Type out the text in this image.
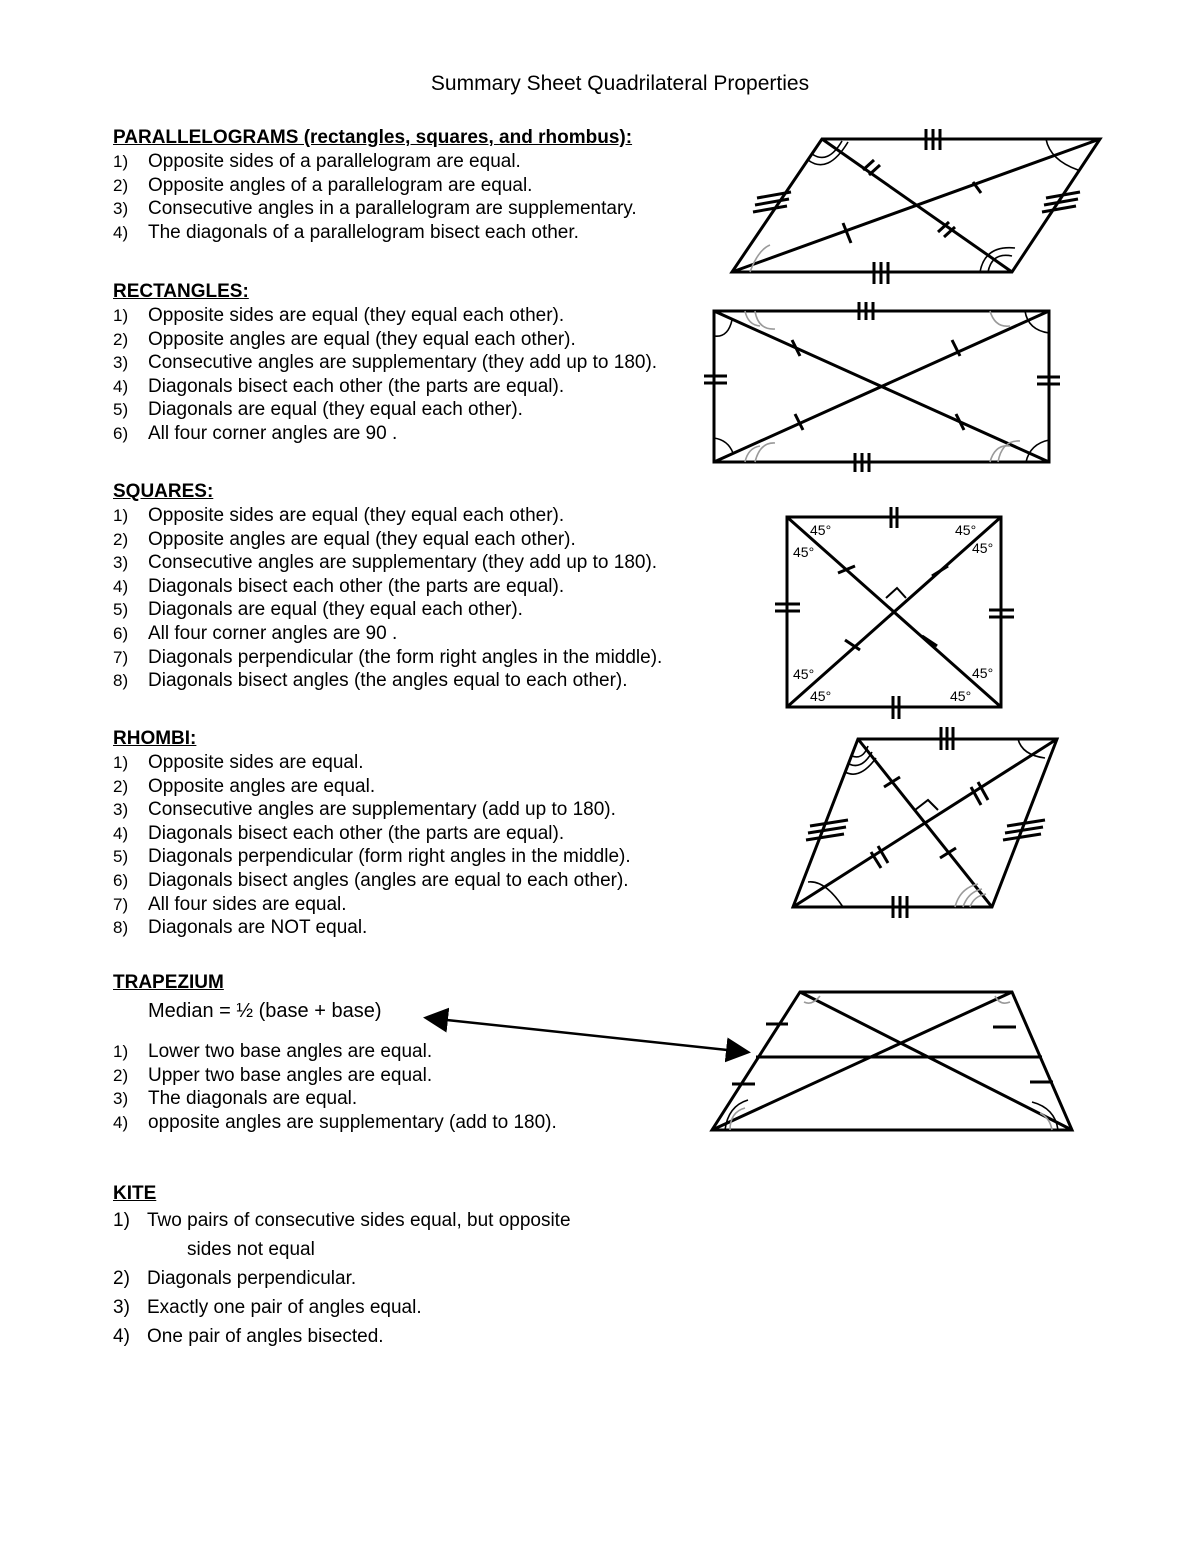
Summary Sheet Quadrilateral Properties
PARALLELOGRAMS (rectangles, squares, and rhombus):
1) Opposite sides of a parallelogram are equal.
2) Opposite angles of a parallelogram are equal.
3) Consecutive angles in a parallelogram are supplementary.
4) The diagonals of a parallelogram bisect each other.
RECTANGLES:
1) Opposite sides are equal (they equal each other).
2) Opposite angles are equal (they equal each other).
3) Consecutive angles are supplementary (they add up to 180).
4) Diagonals bisect each other (the parts are equal).
5) Diagonals are equal (they equal each other).
6) All four corner angles are 90 .
SQUARES:
1) Opposite sides are equal (they equal each other).
2) Opposite angles are equal (they equal each other).
3) Consecutive angles are supplementary (they add up to 180).
4) Diagonals bisect each other (the parts are equal).
5) Diagonals are equal (they equal each other).
6) All four corner angles are 90 .
7) Diagonals perpendicular (the form right angles in the middle).
8) Diagonals bisect angles (the angles equal to each other).
RHOMBI:
1) Opposite sides are equal.
2) Opposite angles are equal.
3) Consecutive angles are supplementary (add up to 180).
4) Diagonals bisect each other (the parts are equal).
5) Diagonals perpendicular (form right angles in the middle).
6) Diagonals bisect angles (angles are equal to each other).
7) All four sides are equal.
8) Diagonals are NOT equal.
TRAPEZIUM
Median = ½ (base + base)
1) Lower two base angles are equal.
2) Upper two base angles are equal.
3) The diagonals are equal.
4) opposite angles are supplementary (add to 180).
KITE
1) Two pairs of consecutive sides equal, but opposite
sides not equal
2) Diagonals perpendicular.
3) Exactly one pair of angles equal.
4) One pair of angles bisected.
45°
45°
45°
45°
45°
45°
45°
45°
